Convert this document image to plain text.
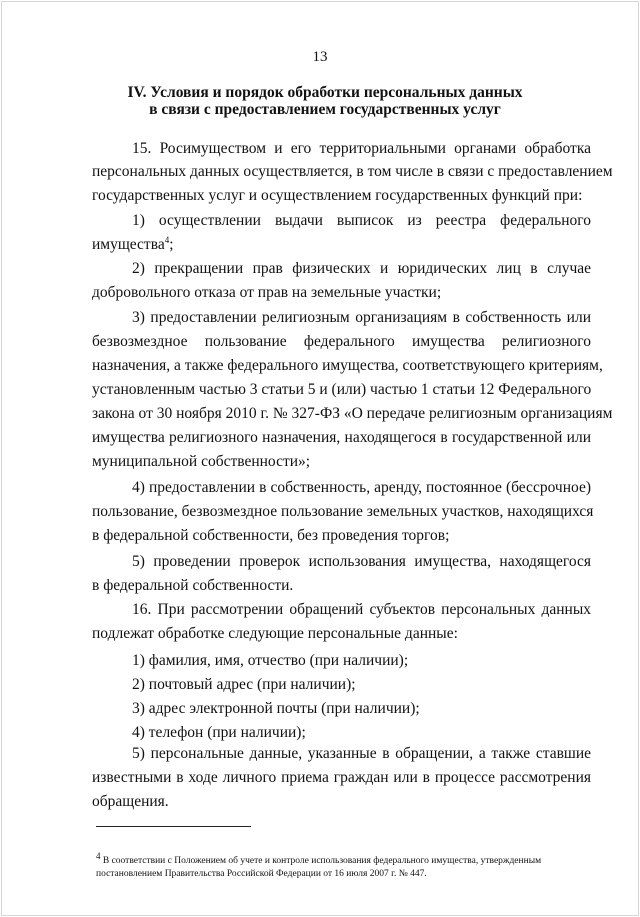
13
IV. Условия и порядок обработки персональных данных
в связи с предоставлением государственных услуг
15. Росимуществом и его территориальными органами обработка
персональных данных осуществляется, в том числе в связи с предоставлением
государственных услуг и осуществлением государственных функций при:
1) осуществлении выдачи выписок из реестра федерального
имущества$^4$;
2) прекращении прав физических и юридических лиц в случае
добровольного отказа от прав на земельные участки;
3) предоставлении религиозным организациям в собственность или
безвозмездное пользование федерального имущества религиозного
назначения, а также федерального имущества, соответствующего критериям,
установленным частью 3 статьи 5 и (или) частью 1 статьи 12 Федерального
закона от 30 ноября 2010 г. № 327-ФЗ «О передаче религиозным организациям
имущества религиозного назначения, находящегося в государственной или
муниципальной собственности»;
4) предоставлении в собственность, аренду, постоянное (бессрочное)
пользование, безвозмездное пользование земельных участков, находящихся
в федеральной собственности, без проведения торгов;
5) проведении проверок использования имущества, находящегося
в федеральной собственности.
16. При рассмотрении обращений субъектов персональных данных
подлежат обработке следующие персональные данные:
1) фамилия, имя, отчество (при наличии);
2) почтовый адрес (при наличии);
3) адрес электронной почты (при наличии);
4) телефон (при наличии);
5) персональные данные, указанные в обращении, а также ставшие
известными в ходе личного приема граждан или в процессе рассмотрения
обращения.
$^4$ В соответствии с Положением об учете и контроле использования федерального имущества, утвержденным
постановлением Правительства Российской Федерации от 16 июля 2007 г. № 447.
